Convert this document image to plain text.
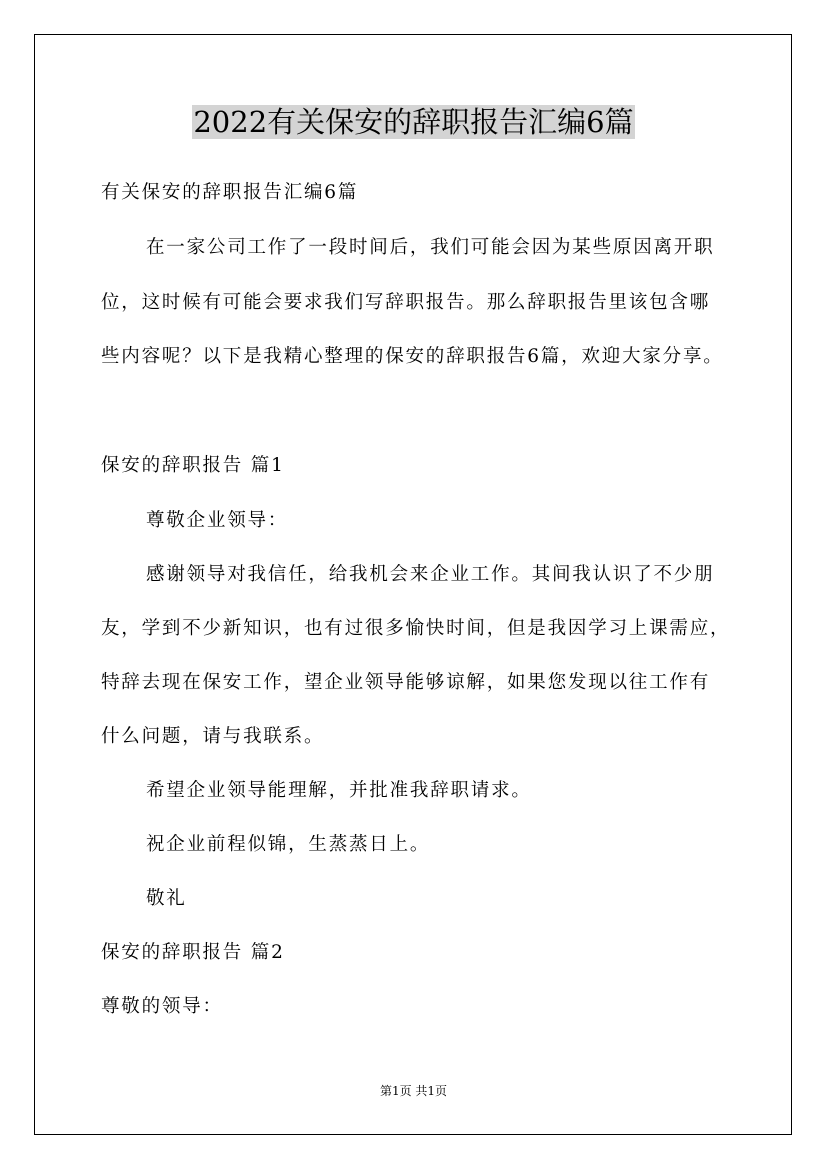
2022有关保安的辞职报告汇编6篇
有关保安的辞职报告汇编6篇
在一家公司工作了一段时间后，我们可能会因为某些原因离开职
位，这时候有可能会要求我们写辞职报告。那么辞职报告里该包含哪
些内容呢？以下是我精心整理的保安的辞职报告6篇，欢迎大家分享。
保安的辞职报告 篇1
尊敬企业领导：
感谢领导对我信任，给我机会来企业工作。其间我认识了不少朋
友，学到不少新知识，也有过很多愉快时间，但是我因学习上课需应，
特辞去现在保安工作，望企业领导能够谅解，如果您发现以往工作有
什么问题，请与我联系。
希望企业领导能理解，并批准我辞职请求。
祝企业前程似锦，生蒸蒸日上。
敬礼
保安的辞职报告 篇2
尊敬的领导：
第1页 共1页
